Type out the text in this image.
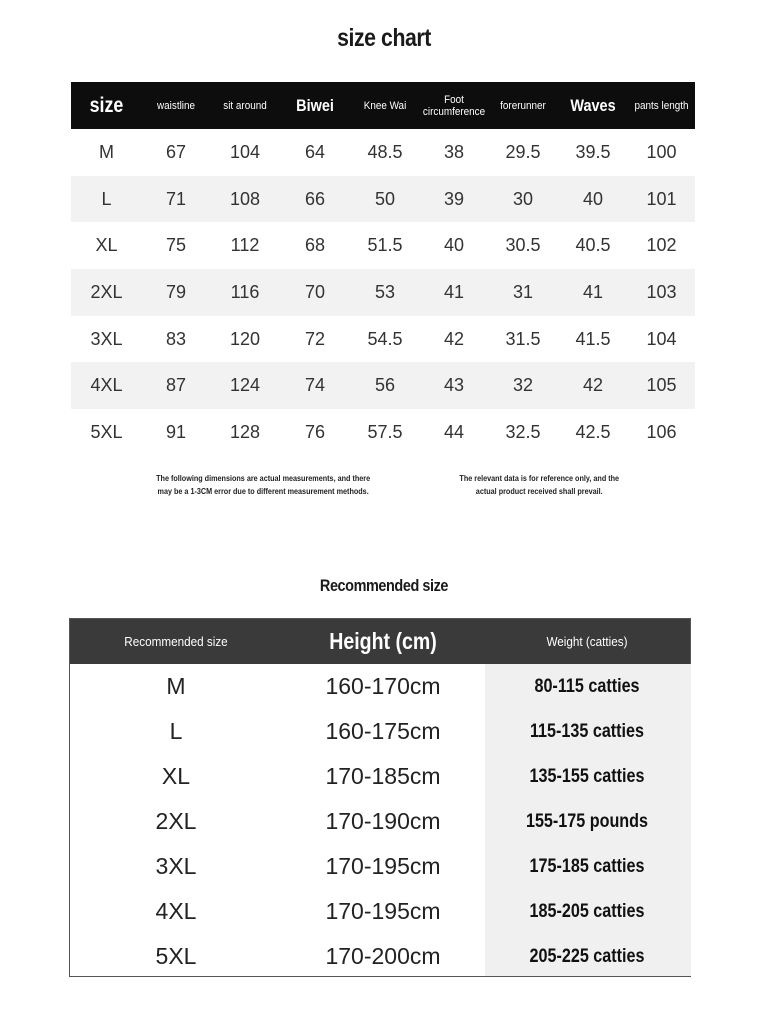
size chart
size	waistline	sit around	Biwei	Knee Wai	Foot circumference	forerunner	Waves	pants length
M	67	104	64	48.5	38	29.5	39.5	100
L	71	108	66	50	39	30	40	101
XL	75	112	68	51.5	40	30.5	40.5	102
2XL	79	116	70	53	41	31	41	103
3XL	83	120	72	54.5	42	31.5	41.5	104
4XL	87	124	74	56	43	32	42	105
5XL	91	128	76	57.5	44	32.5	42.5	106
The following dimensions are actual measurements, and there may be a 1-3CM error due to different measurement methods.
The relevant data is for reference only, and the actual product received shall prevail.
Recommended size
Recommended size	Height (cm)	Weight (catties)
M	160-170cm	80-115 catties
L	160-175cm	115-135 catties
XL	170-185cm	135-155 catties
2XL	170-190cm	155-175 pounds
3XL	170-195cm	175-185 catties
4XL	170-195cm	185-205 catties
5XL	170-200cm	205-225 catties
